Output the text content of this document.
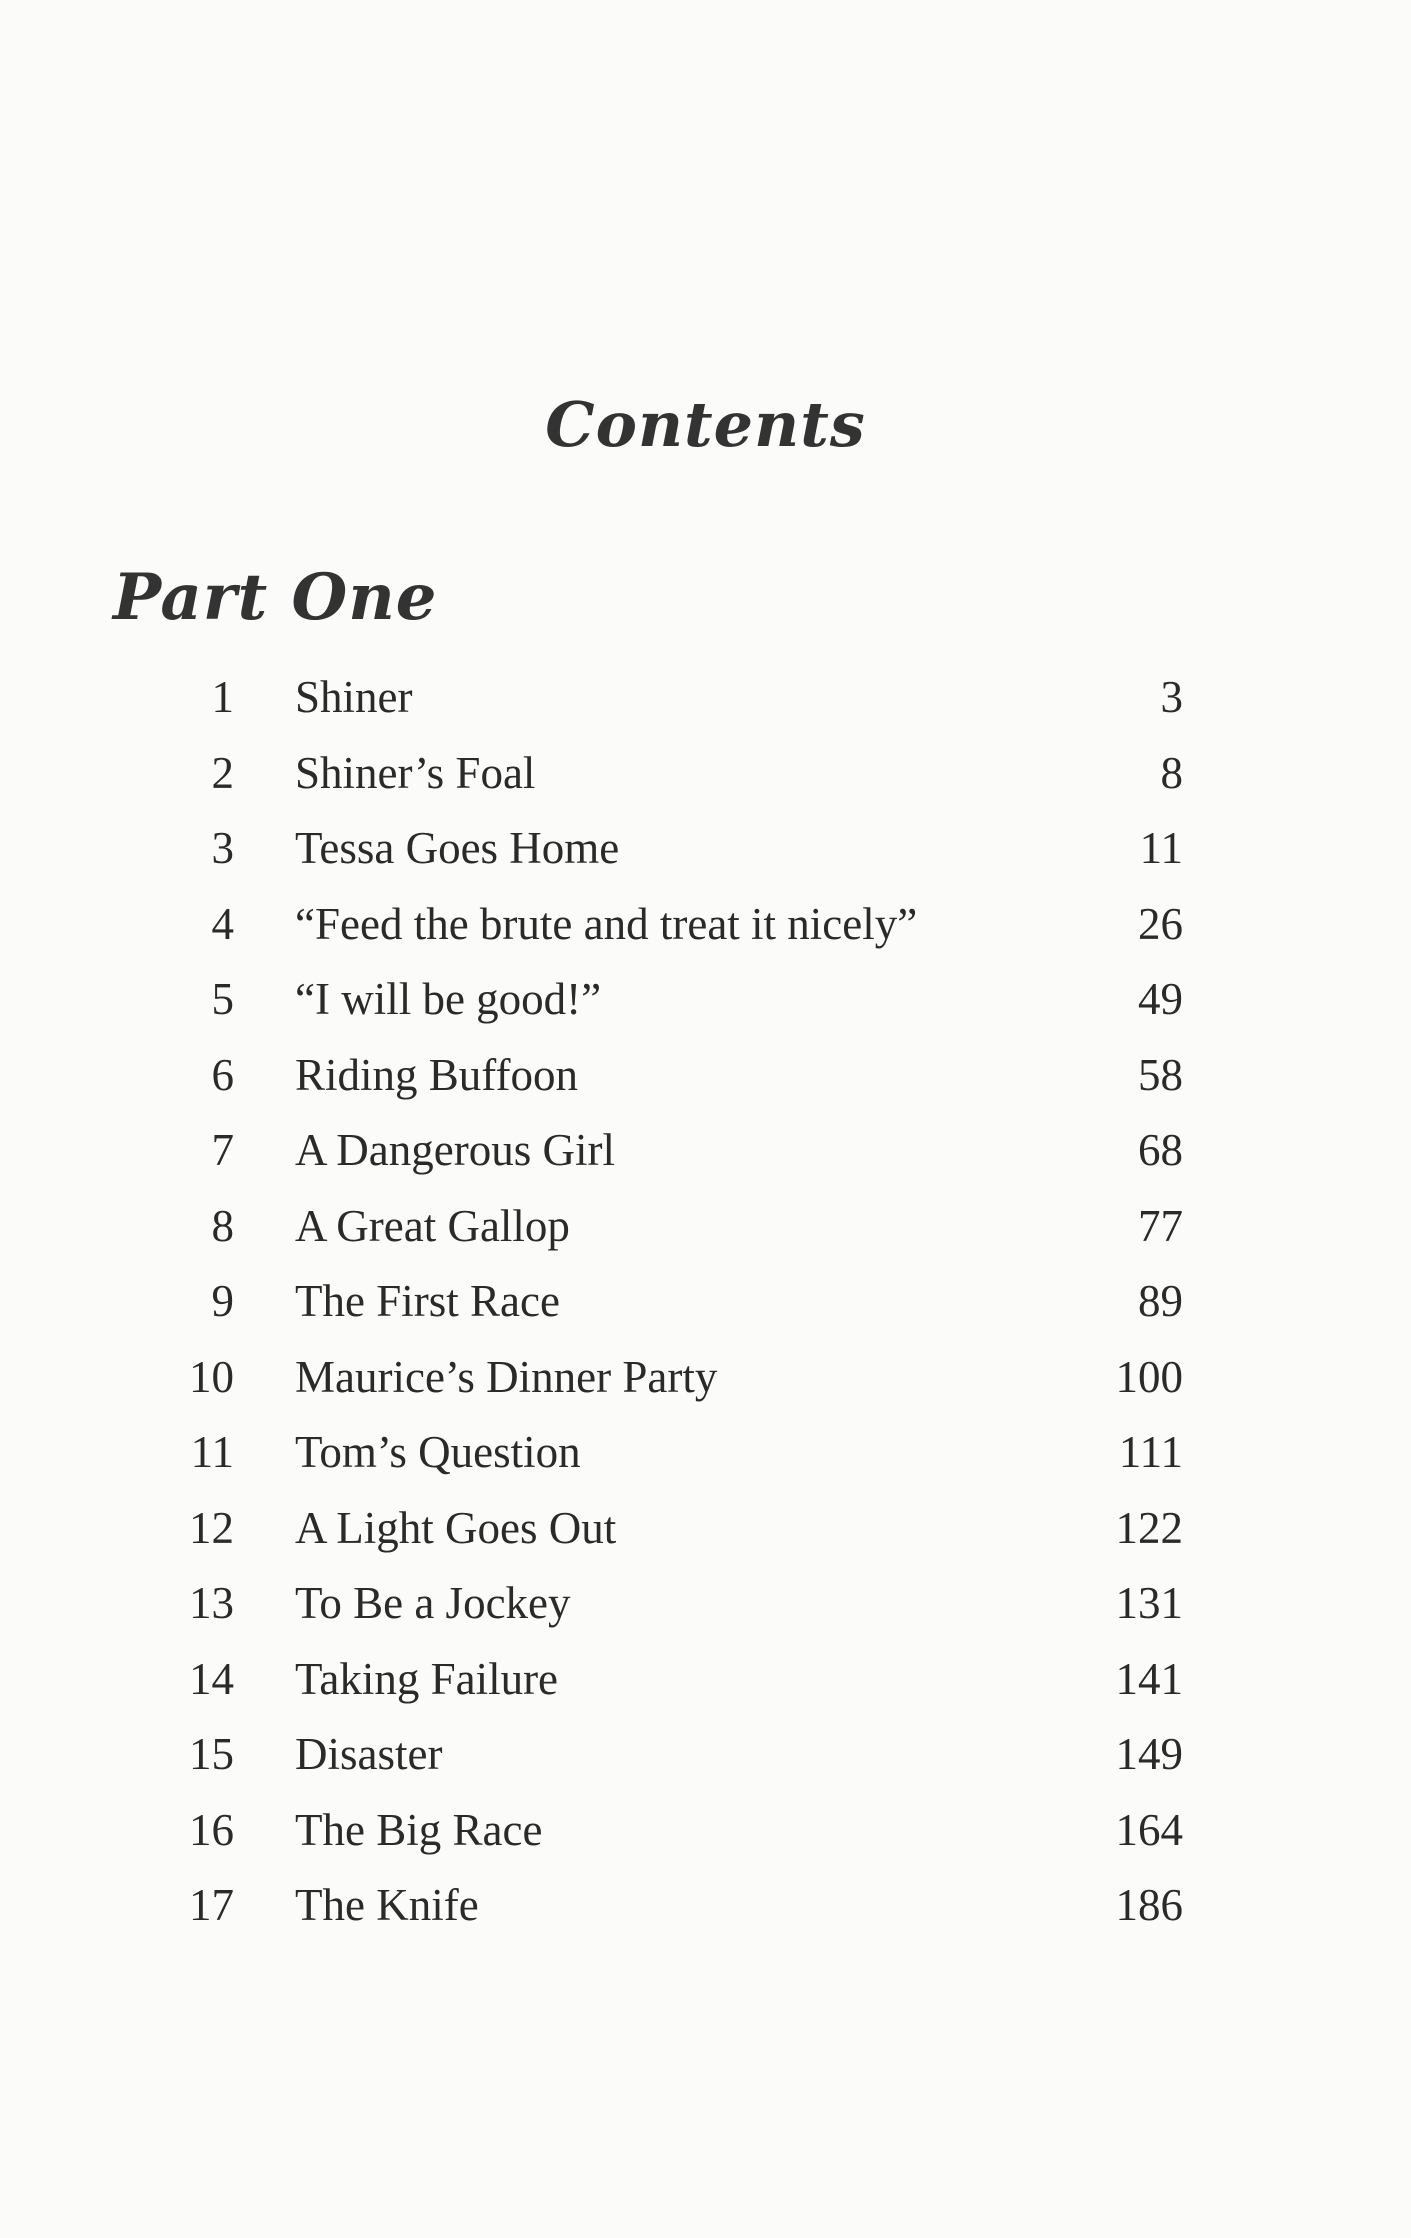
Contents
Part One
1 Shiner	3
2 Shiner’s Foal	8
3 Tessa Goes Home	11
4 “Feed the brute and treat it nicely”	26
5 “I will be good!”	49
6 Riding Buffoon	58
7 A Dangerous Girl	68
8 A Great Gallop	77
9 The First Race	89
10 Maurice’s Dinner Party	100
11 Tom’s Question	111
12 A Light Goes Out	122
13 To Be a Jockey	131
14 Taking Failure	141
15 Disaster	149
16 The Big Race	164
17 The Knife	186
